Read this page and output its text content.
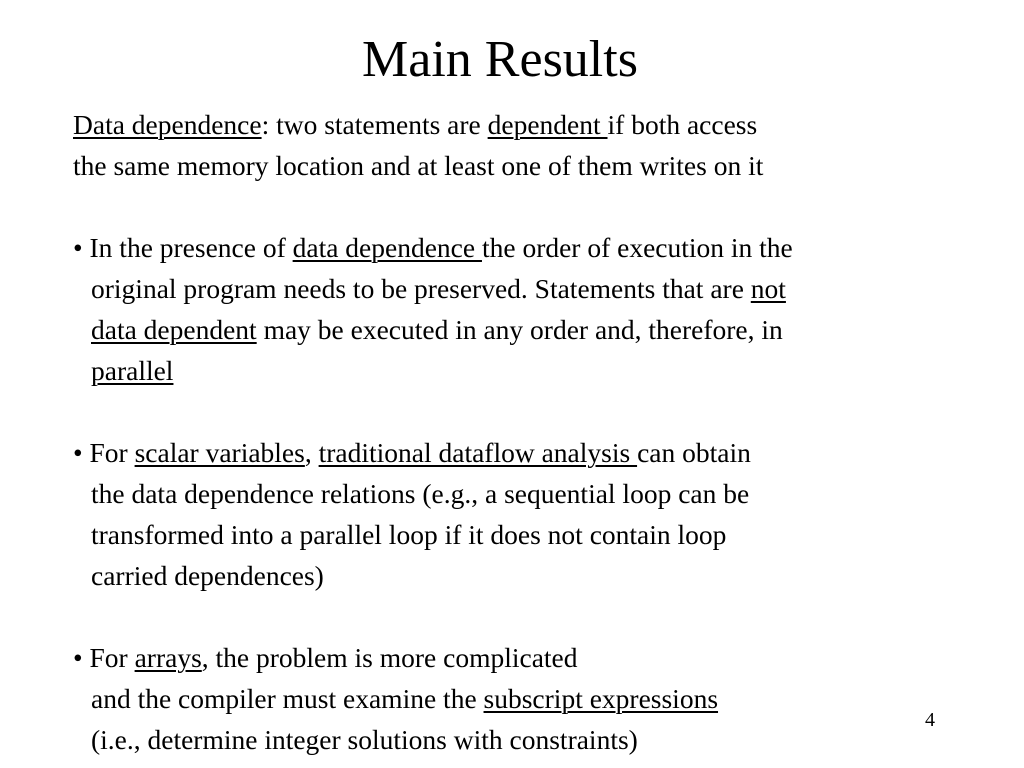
Main Results
Data dependence: two statements are dependent if both access
the same memory location and at least one of them writes on it
• In the presence of data dependence the order of execution in the
original program needs to be preserved. Statements that are not
data dependent may be executed in any order and, therefore, in
parallel
• For scalar variables, traditional dataflow analysis can obtain
the data dependence relations (e.g., a sequential loop can be
transformed into a parallel loop if it does not contain loop
carried dependences)
• For arrays, the problem is more complicated
and the compiler must examine the subscript expressions
(i.e., determine integer solutions with constraints)
4
